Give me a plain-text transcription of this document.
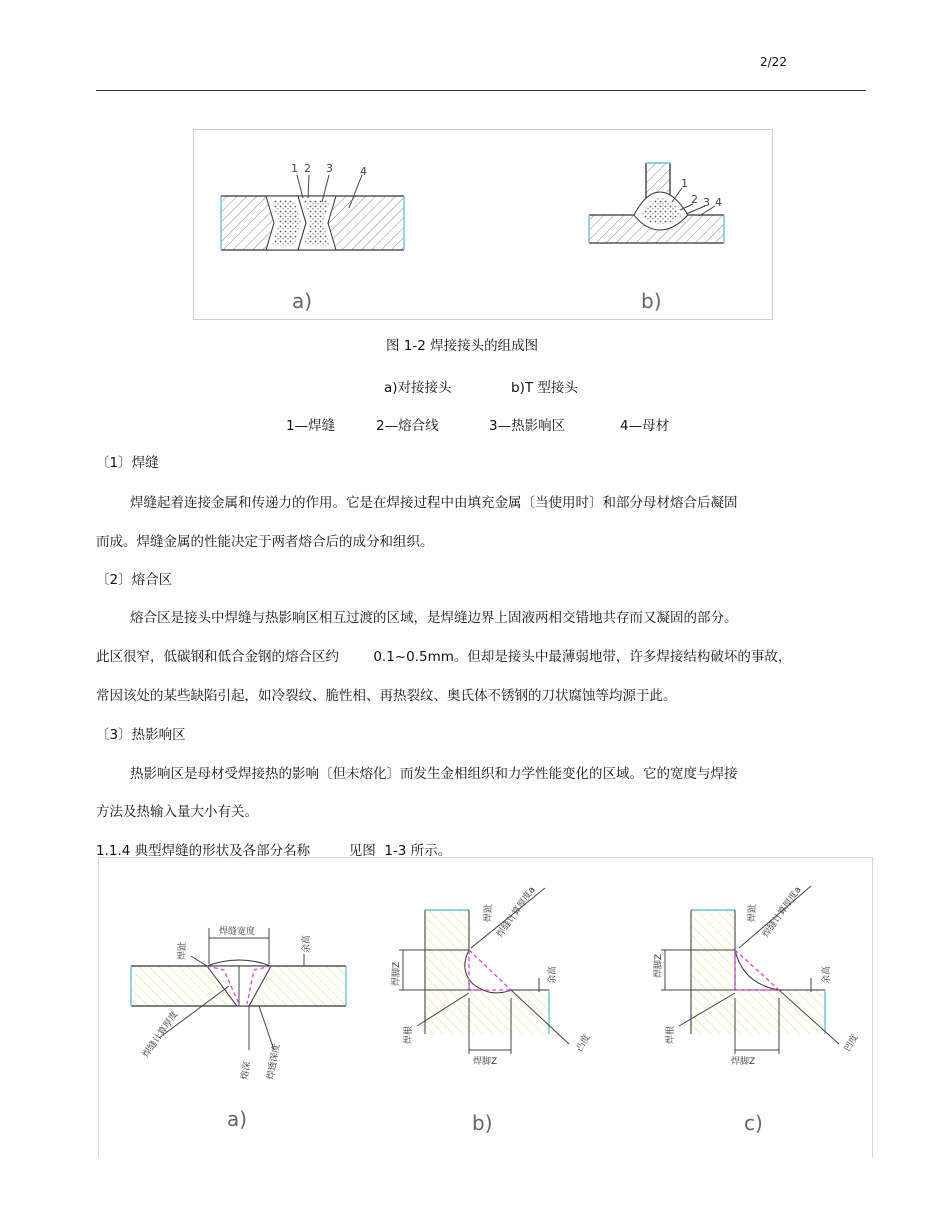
2/22
1 2 3 4
a)
1
2 3 4
b)
图 1-2 焊接接头的组成图
a)对接接头	b)T 型接头
1—焊缝	2—熔合线	3—热影响区	4—母材
〔1〕焊缝
焊缝起着连接金属和传递力的作用。它是在焊接过程中由填充金属〔当使用时〕和部分母材熔合后凝固
而成。焊缝金属的性能决定于两者熔合后的成分和组织。
〔2〕熔合区
熔合区是接头中焊缝与热影响区相互过渡的区域，是焊缝边界上固液两相交错地共存而又凝固的部分。
此区很窄，低碳钢和低合金钢的熔合区约        0.1~0.5mm。但却是接头中最薄弱地带，许多焊接结构破坏的事故，
常因该处的某些缺陷引起，如冷裂纹、脆性相、再热裂纹、奥氏体不锈钢的刀状腐蚀等均源于此。
〔3〕热影响区
热影响区是母材受焊接热的影响〔但未熔化〕而发生金相组织和力学性能变化的区域。它的宽度与焊接
方法及热输入量大小有关。
1.1.4 典型焊缝的形状及各部分名称         见图  1-3 所示。
焊缝宽度
余高
焊趾
焊缝计算厚度
熔深 焊透深度
a)
焊趾 焊缝计算厚度a
焊脚Z	余高
焊根
焊脚Z
凸度
b)
焊脚Z
焊趾 焊缝计算厚度a
余高
焊根
焊脚Z
凹度
c)
